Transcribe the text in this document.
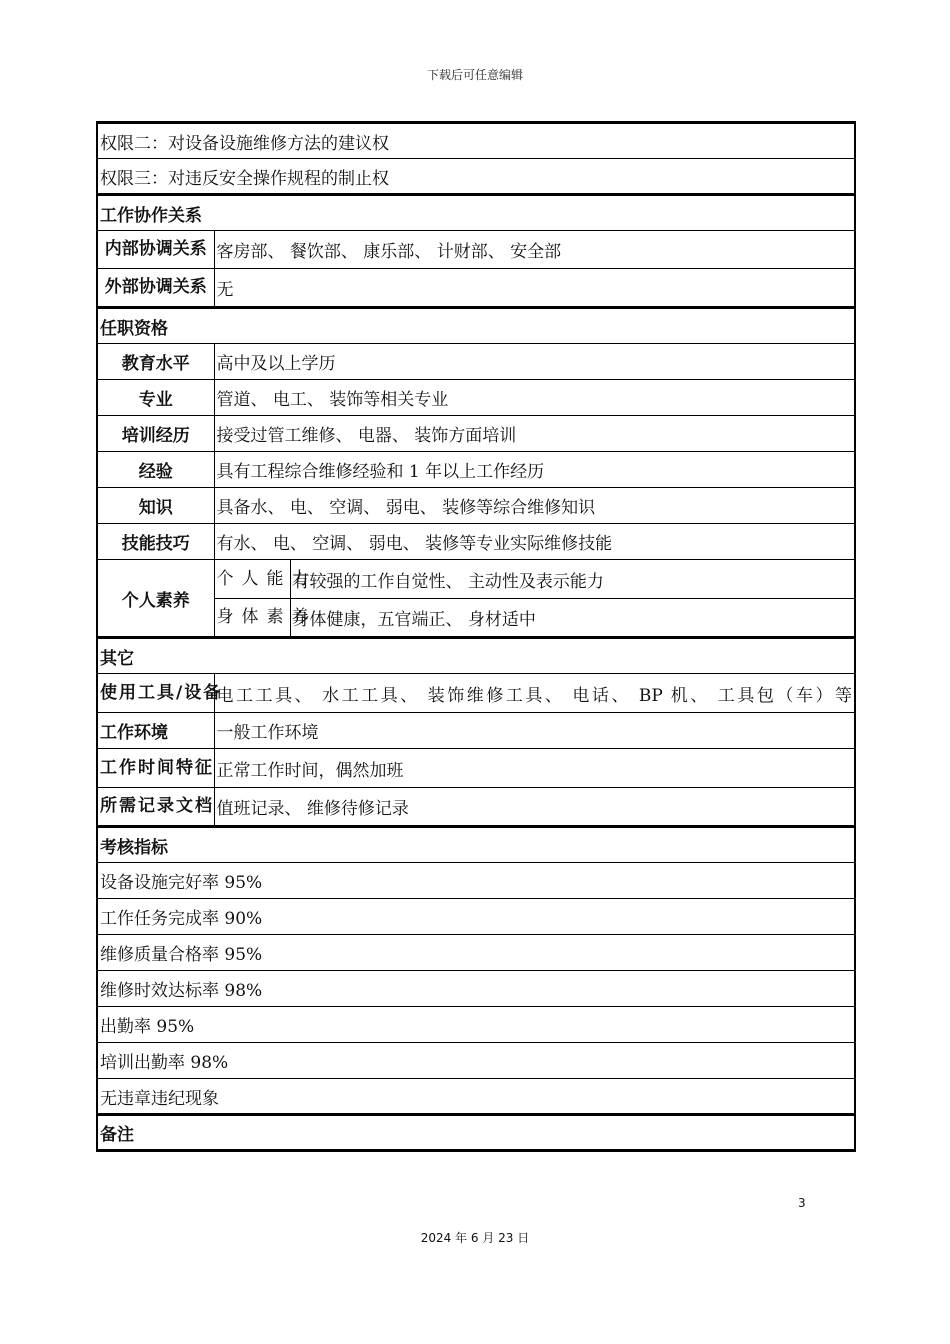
下载后可任意编辑
权限二：对设备设施维修方法的建议权		
权限三：对违反安全操作规程的制止权		
工作协作关系		
内部协调关系	客房部、 餐饮部、 康乐部、 计财部、 安全部	
外部协调关系	无	
任职资格		
教育水平	高中及以上学历	
专业	管道、 电工、 装饰等相关专业	
培训经历	接受过管工维修、 电器、 装饰方面培训	
经验	具有工程综合维修经验和 1 年以上工作经历	
知识	具备水、 电、 空调、 弱电、 装修等综合维修知识	
技能技巧	有水、 电、 空调、 弱电、 装修等专业实际维修技能	
个人素养	个人能力	有较强的工作自觉性、 主动性及表示能力
	身体素养	身体健康，五官端正、 身材适中
其它		
使用工具/设备	电工工具、 水工工具、 装饰维修工具、 电话、 BP 机、 工具包（车）等	
工作环境	一般工作环境	
工作时间特征	正常工作时间，偶然加班	
所需记录文档	值班记录、 维修待修记录	
考核指标		
设备设施完好率 95%		
工作任务完成率 90%		
维修质量合格率 95%		
维修时效达标率 98%		
出勤率 95%		
培训出勤率 98%		
无违章违纪现象		
备注		
3
2024 年 6 月 23 日
